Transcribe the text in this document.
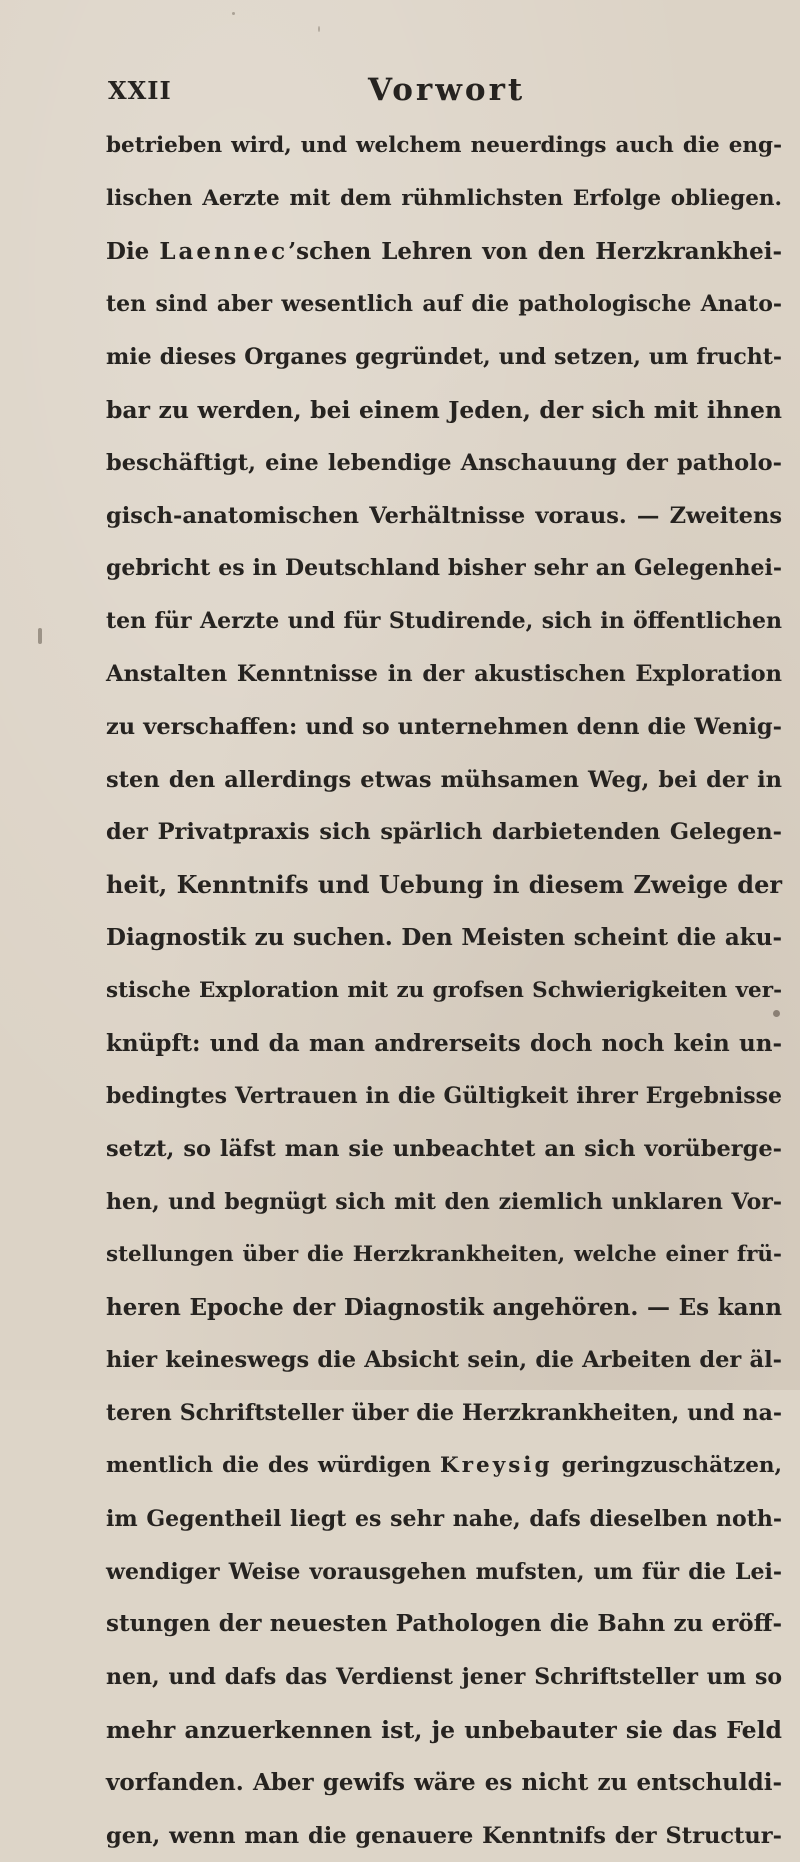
XXII	Vorwort
betrieben wird, und welchem neuerdings auch die eng-
lischen Aerzte mit dem rühmlichsten Erfolge obliegen.
Die Laennec’schen Lehren von den Herzkrankhei-
ten sind aber wesentlich auf die pathologische Anato-
mie dieses Organes gegründet, und setzen, um frucht-
bar zu werden, bei einem Jeden, der sich mit ihnen
beschäftigt, eine lebendige Anschauung der patholo-
gisch-anatomischen Verhältnisse voraus. — Zweitens
gebricht es in Deutschland bisher sehr an Gelegenhei-
ten für Aerzte und für Studirende, sich in öffentlichen
Anstalten Kenntnisse in der akustischen Exploration
zu verschaffen: und so unternehmen denn die Wenig-
sten den allerdings etwas mühsamen Weg, bei der in
der Privatpraxis sich spärlich darbietenden Gelegen-
heit, Kenntnifs und Uebung in diesem Zweige der
Diagnostik zu suchen. Den Meisten scheint die aku-
stische Exploration mit zu grofsen Schwierigkeiten ver-
knüpft: und da man andrerseits doch noch kein un-
bedingtes Vertrauen in die Gültigkeit ihrer Ergebnisse
setzt, so läfst man sie unbeachtet an sich vorüberge-
hen, und begnügt sich mit den ziemlich unklaren Vor-
stellungen über die Herzkrankheiten, welche einer frü-
heren Epoche der Diagnostik angehören. — Es kann
hier keineswegs die Absicht sein, die Arbeiten der äl-
teren Schriftsteller über die Herzkrankheiten, und na-
mentlich die des würdigen Kreysig geringzuschätzen,
im Gegentheil liegt es sehr nahe, dafs dieselben noth-
wendiger Weise vorausgehen mufsten, um für die Lei-
stungen der neuesten Pathologen die Bahn zu eröff-
nen, und dafs das Verdienst jener Schriftsteller um so
mehr anzuerkennen ist, je unbebauter sie das Feld
vorfanden. Aber gewifs wäre es nicht zu entschuldi-
gen, wenn man die genauere Kenntnifs der Structur-
